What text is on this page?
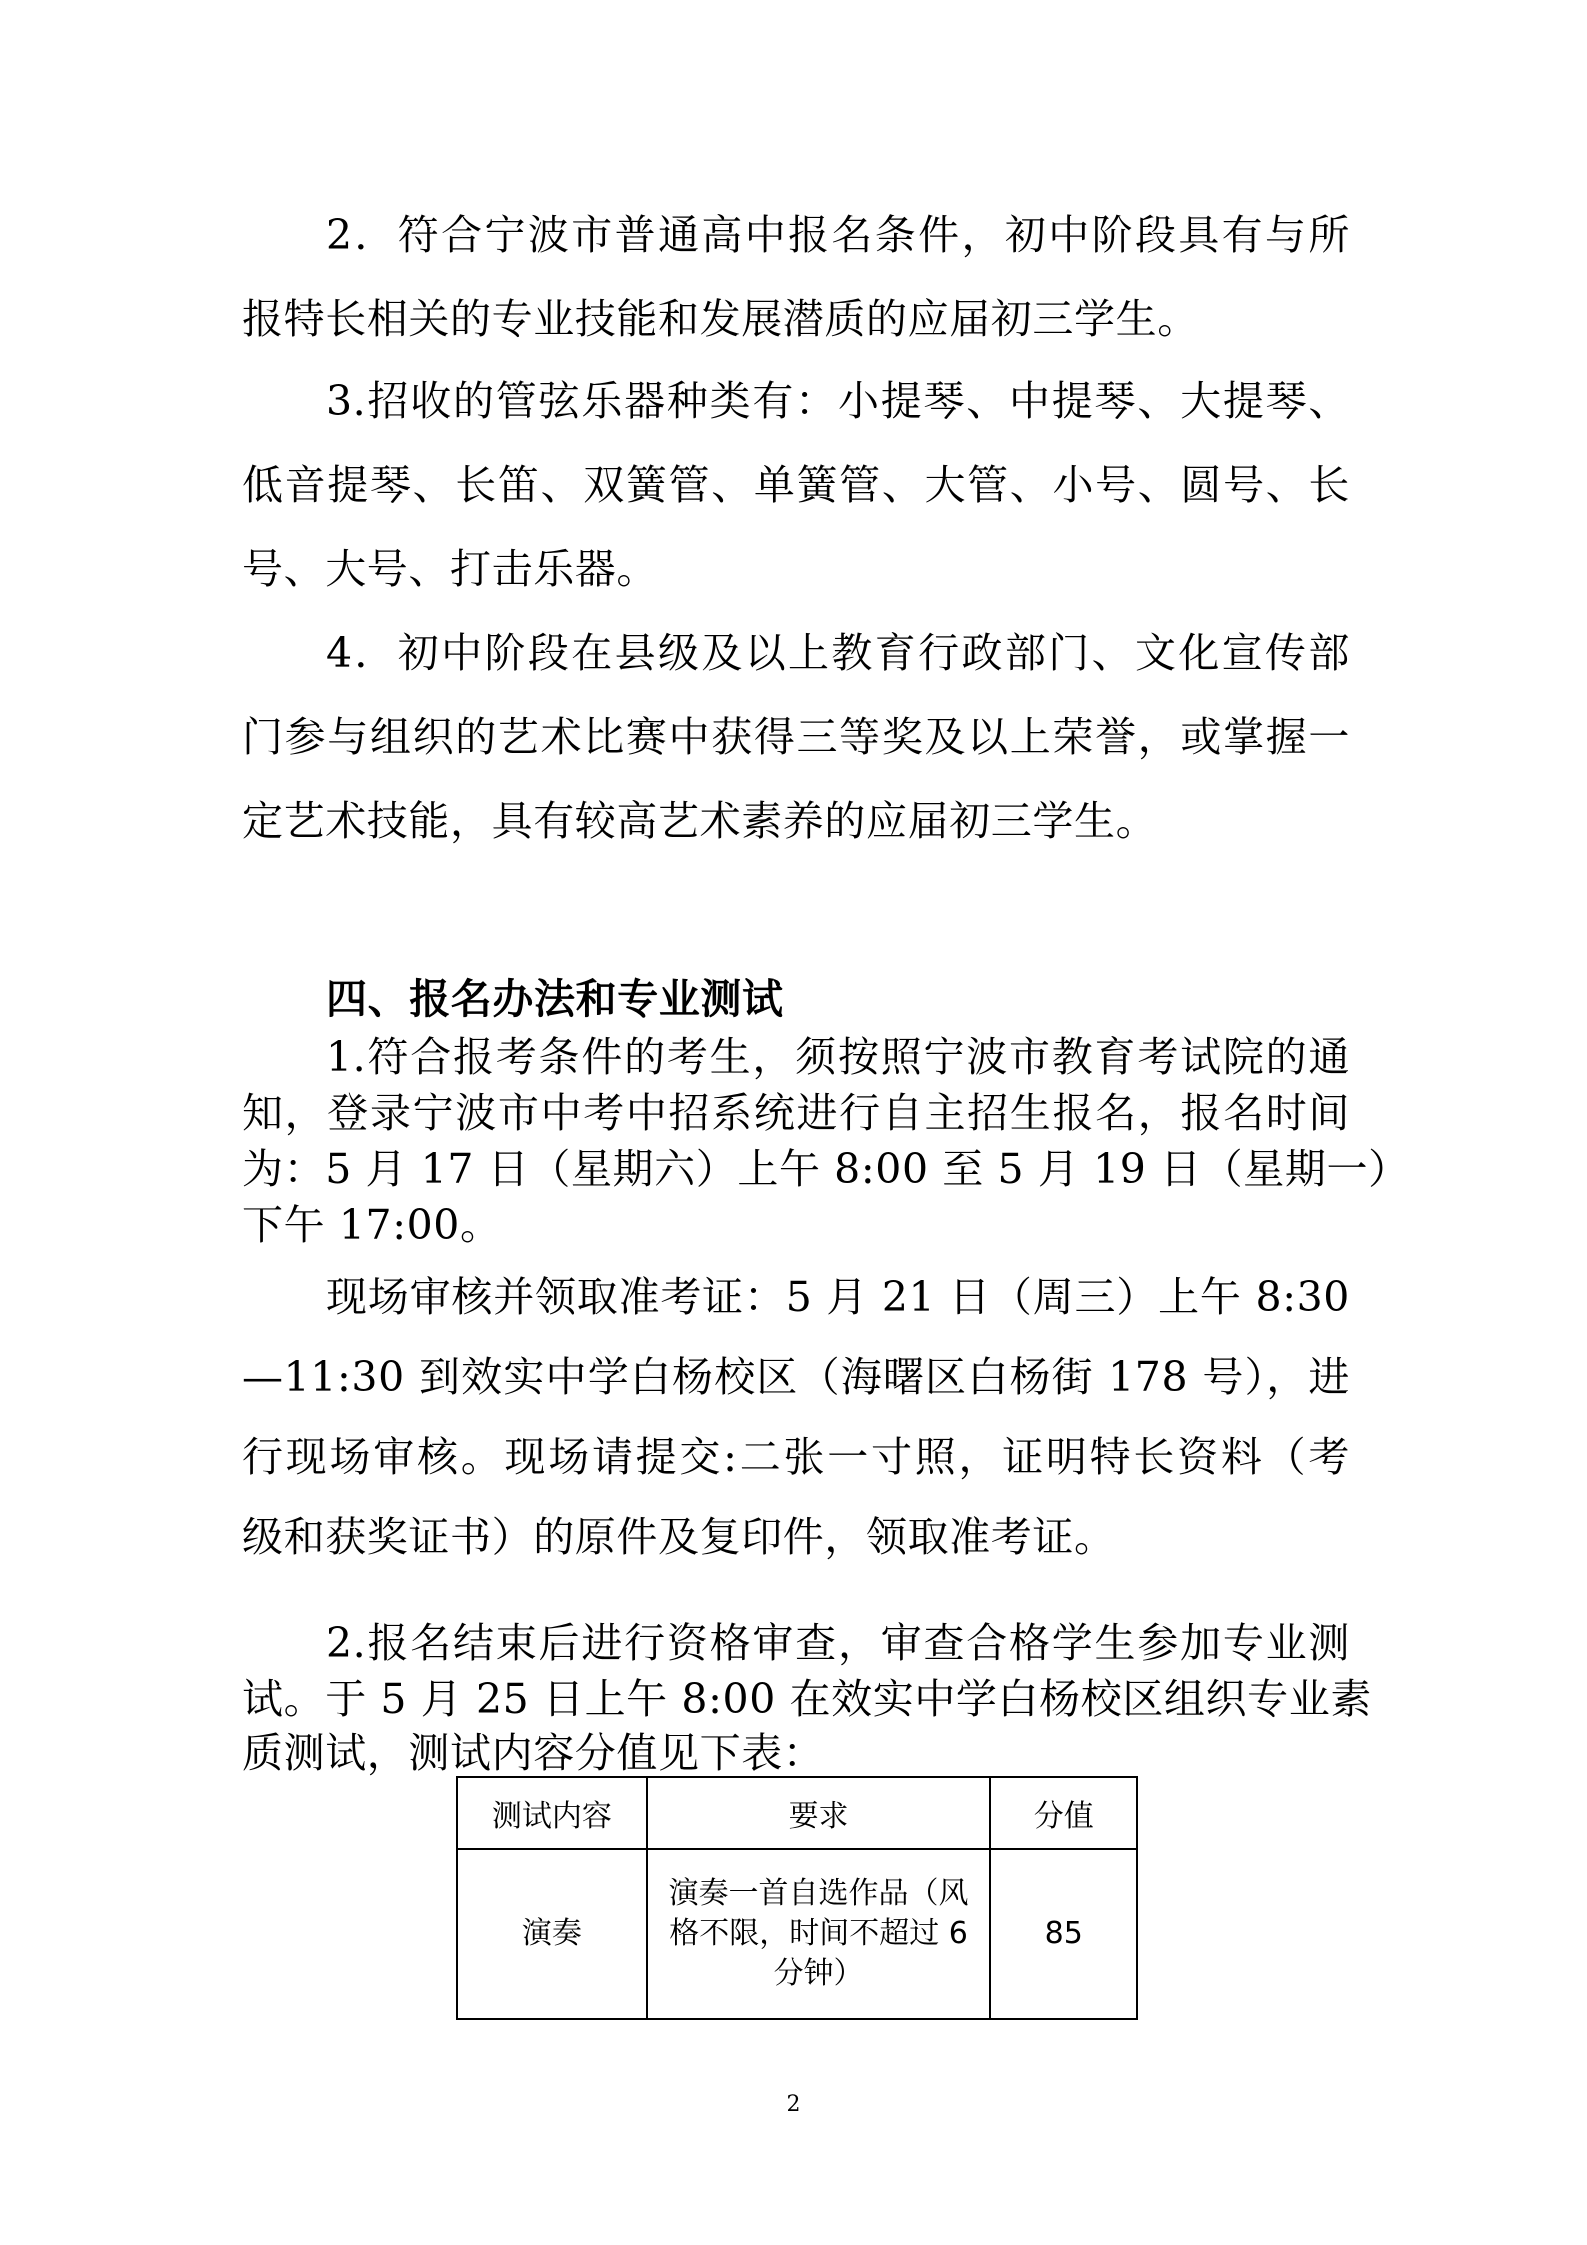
2．符合宁波市普通高中报名条件，初中阶段具有与所
报特长相关的专业技能和发展潜质的应届初三学生。
3.招收的管弦乐器种类有：小提琴、中提琴、大提琴、
低音提琴、长笛、双簧管、单簧管、大管、小号、圆号、长
号、大号、打击乐器。
4．初中阶段在县级及以上教育行政部门、文化宣传部
门参与组织的艺术比赛中获得三等奖及以上荣誉，或掌握一
定艺术技能，具有较高艺术素养的应届初三学生。
四、报名办法和专业测试
1.符合报考条件的考生，须按照宁波市教育考试院的通
知，登录宁波市中考中招系统进行自主招生报名，报名时间
为：5 月 17 日（星期六）上午 8:00 至 5 月 19 日（星期一）
下午 17:00。
现场审核并领取准考证：5 月 21 日（周三）上午 8:30
—11:30 到效实中学白杨校区（海曙区白杨街 178 号），进
行现场审核。现场请提交:二张一寸照，证明特长资料（考
级和获奖证书）的原件及复印件，领取准考证。
2.报名结束后进行资格审查，审查合格学生参加专业测
试。于 5 月 25 日上午 8:00 在效实中学白杨校区组织专业素
质测试，测试内容分值见下表：
测试内容	要求	分值
演奏	演奏一首自选作品（风
格不限，时间不超过 6
分钟）	85
2
